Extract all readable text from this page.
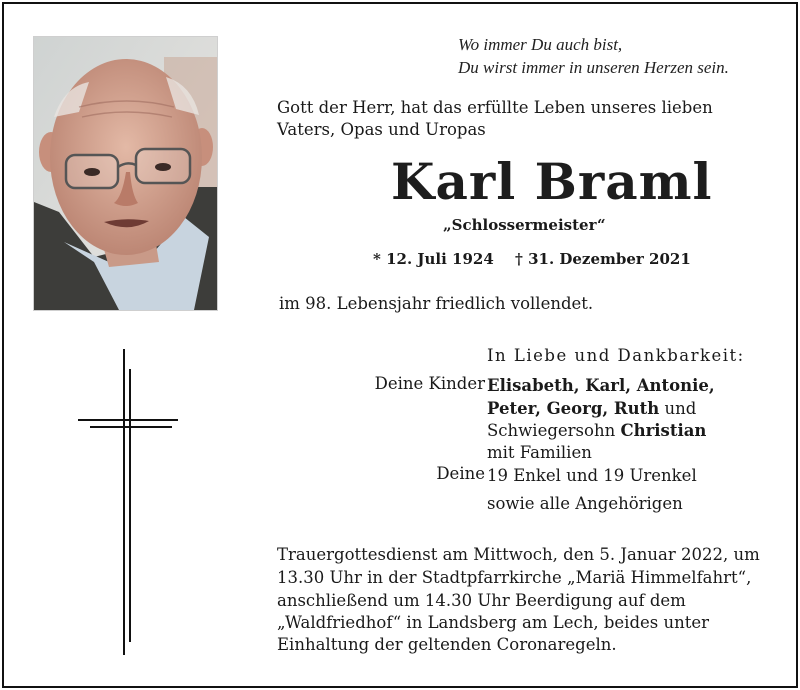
Wo immer Du auch bist,
Du wirst immer in unseren Herzen sein.
Gott der Herr, hat das erfüllte Leben unseres lieben
Vaters, Opas und Uropas
Karl Braml
„Schlossermeister“
* 12. Juli 1924 † 31. Dezember 2021
im 98. Lebensjahr friedlich vollendet.
In Liebe und Dankbarkeit:
Deine Kinder Elisabeth, Karl, Antonie,
Peter, Georg, Ruth und
Schwiegersohn Christian
mit Familien
Deine 19 Enkel und 19 Urenkel
sowie alle Angehörigen
Trauergottesdienst am Mittwoch, den 5. Januar 2022, um
13.30 Uhr in der Stadtpfarrkirche „Mariä Himmelfahrt“,
anschließend um 14.30 Uhr Beerdigung auf dem
„Waldfriedhof“ in Landsberg am Lech, beides unter
Einhaltung der geltenden Coronaregeln.
